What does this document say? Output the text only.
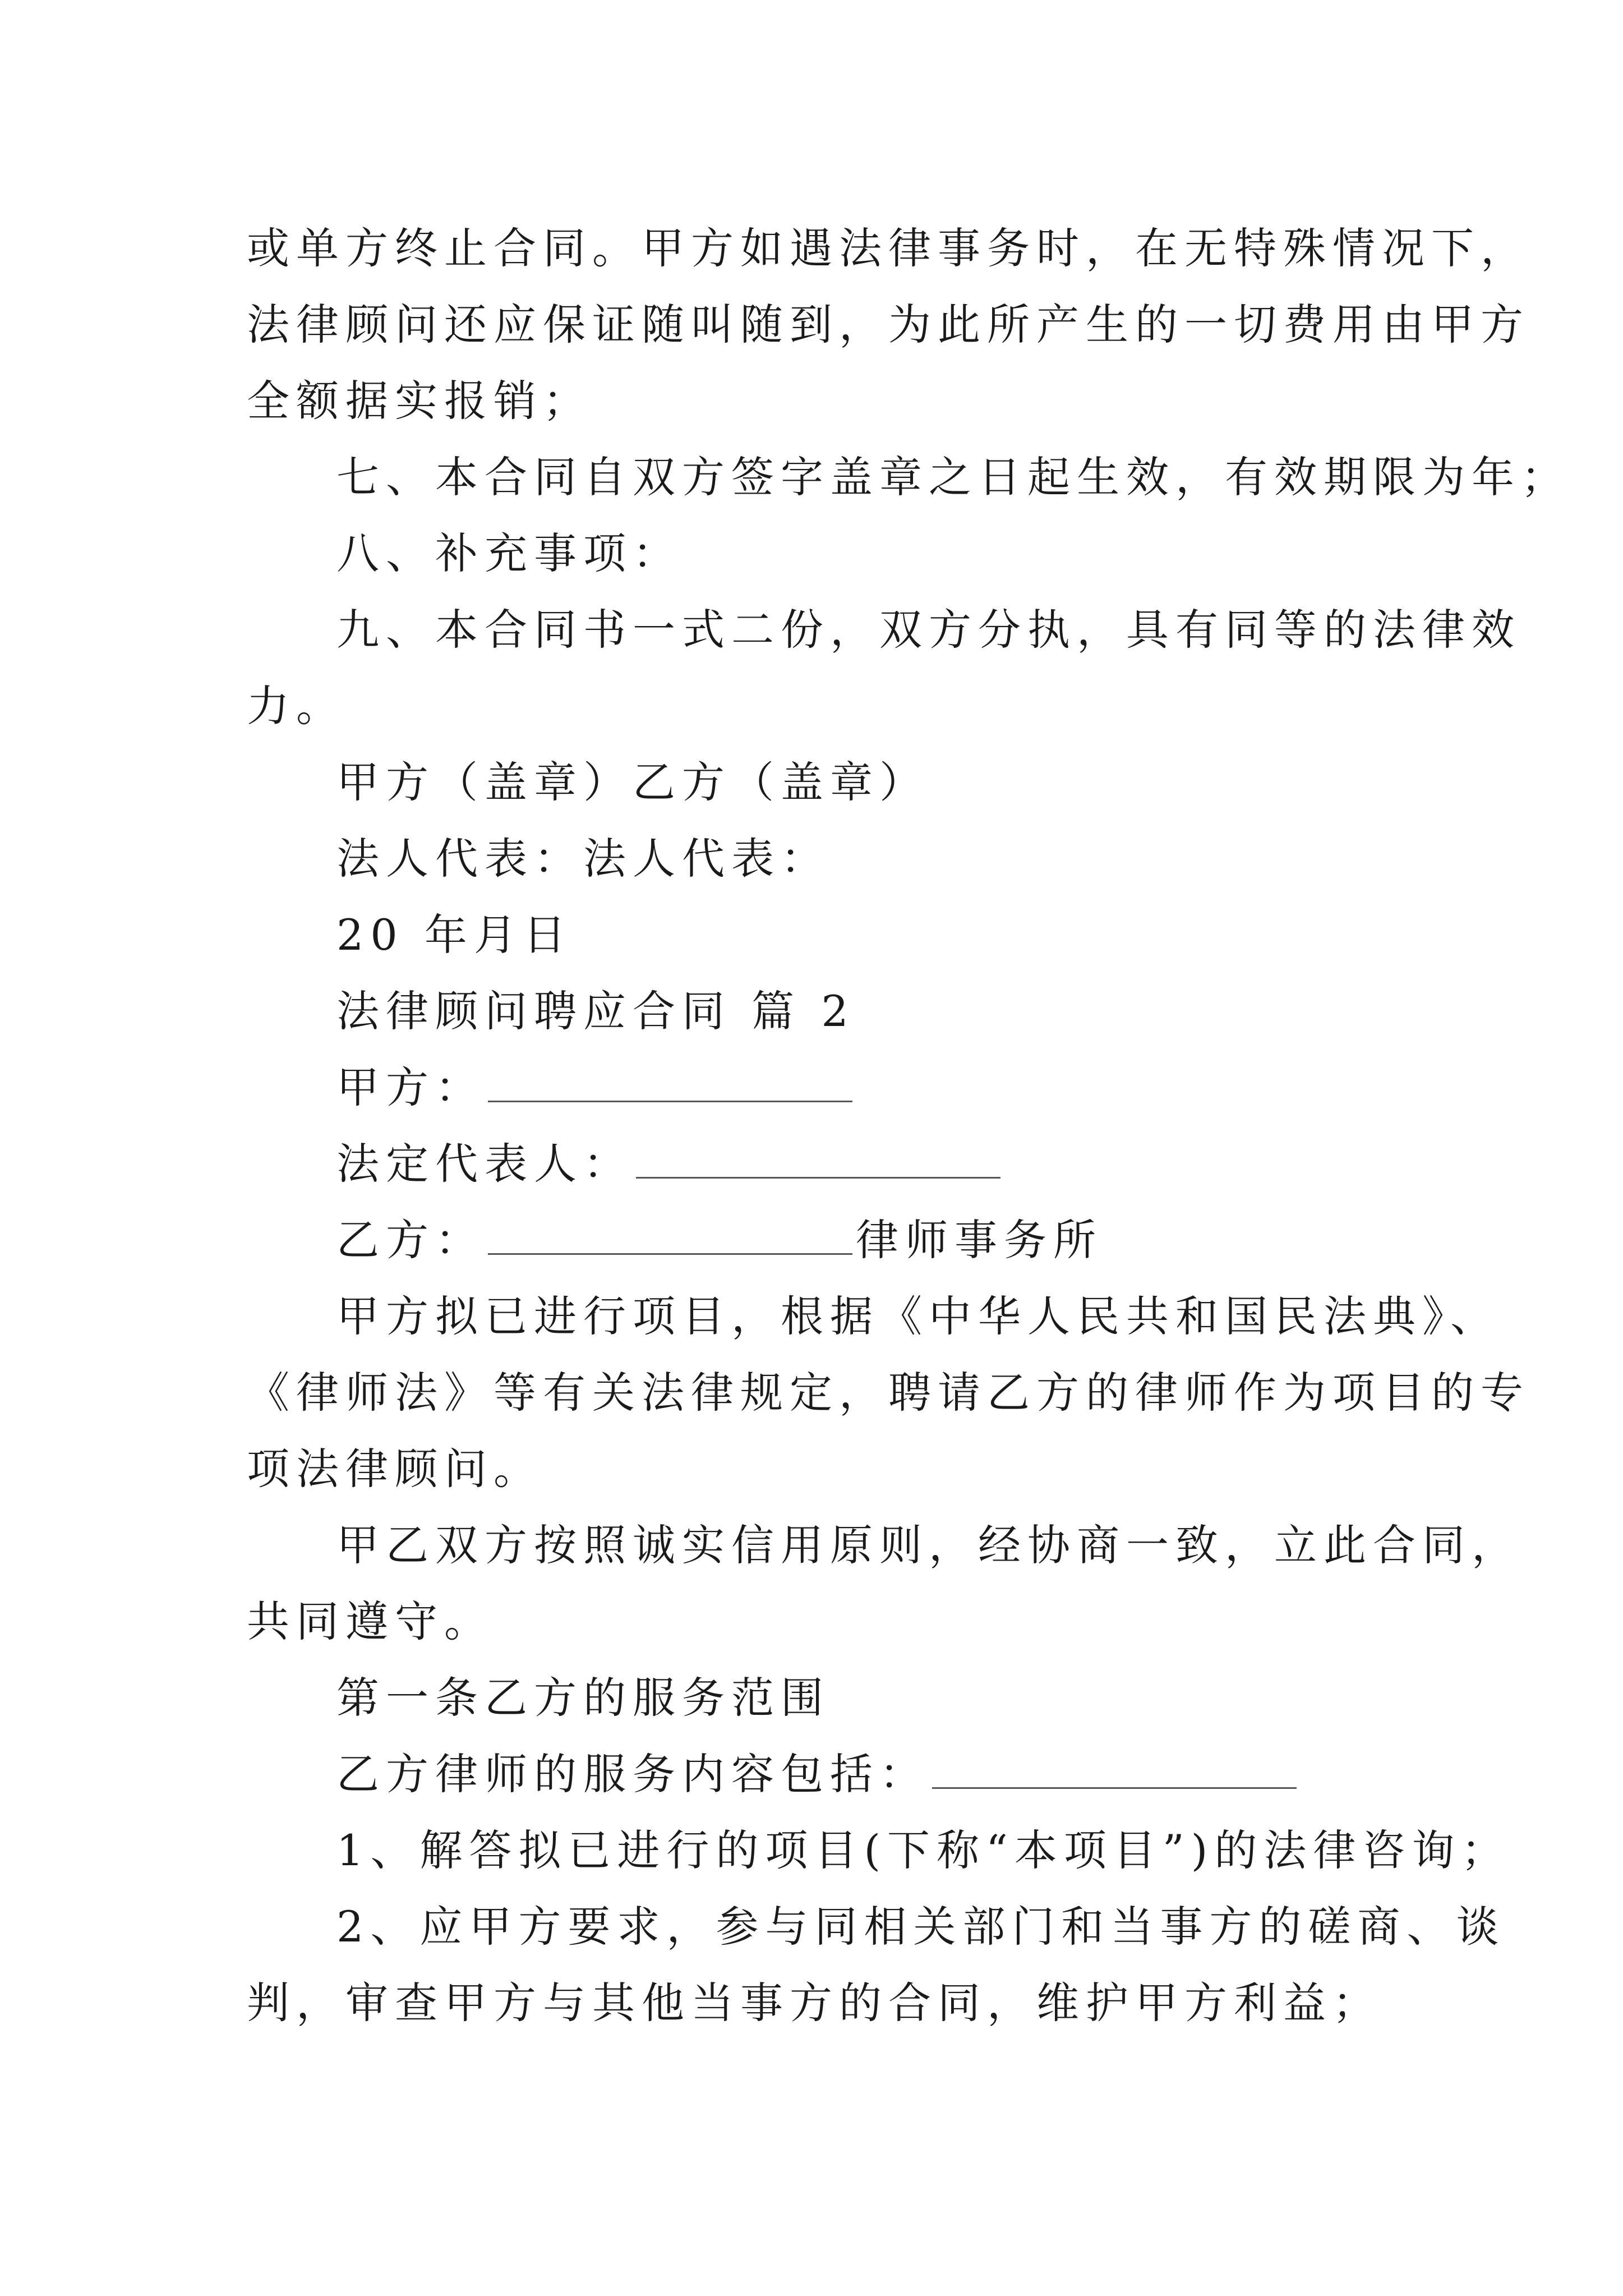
或单方终止合同。甲方如遇法律事务时，在无特殊情况下，
法律顾问还应保证随叫随到，为此所产生的一切费用由甲方
全额据实报销；
七、本合同自双方签字盖章之日起生效，有效期限为年；
八、补充事项：
九、本合同书一式二份，双方分执，具有同等的法律效
力。
甲方（盖章）乙方（盖章）
法人代表：法人代表：
20 年月日
法律顾问聘应合同 篇 2
甲方：
法定代表人：
乙方：	律师事务所
甲方拟已进行项目，根据《中华人民共和国民法典》、
《律师法》等有关法律规定，聘请乙方的律师作为项目的专
项法律顾问。
甲乙双方按照诚实信用原则，经协商一致，立此合同，
共同遵守。
第一条乙方的服务范围
乙方律师的服务内容包括：
1、解答拟已进行的项目(下称“本项目”)的法律咨询；
2、应甲方要求，参与同相关部门和当事方的磋商、谈
判，审查甲方与其他当事方的合同，维护甲方利益；
